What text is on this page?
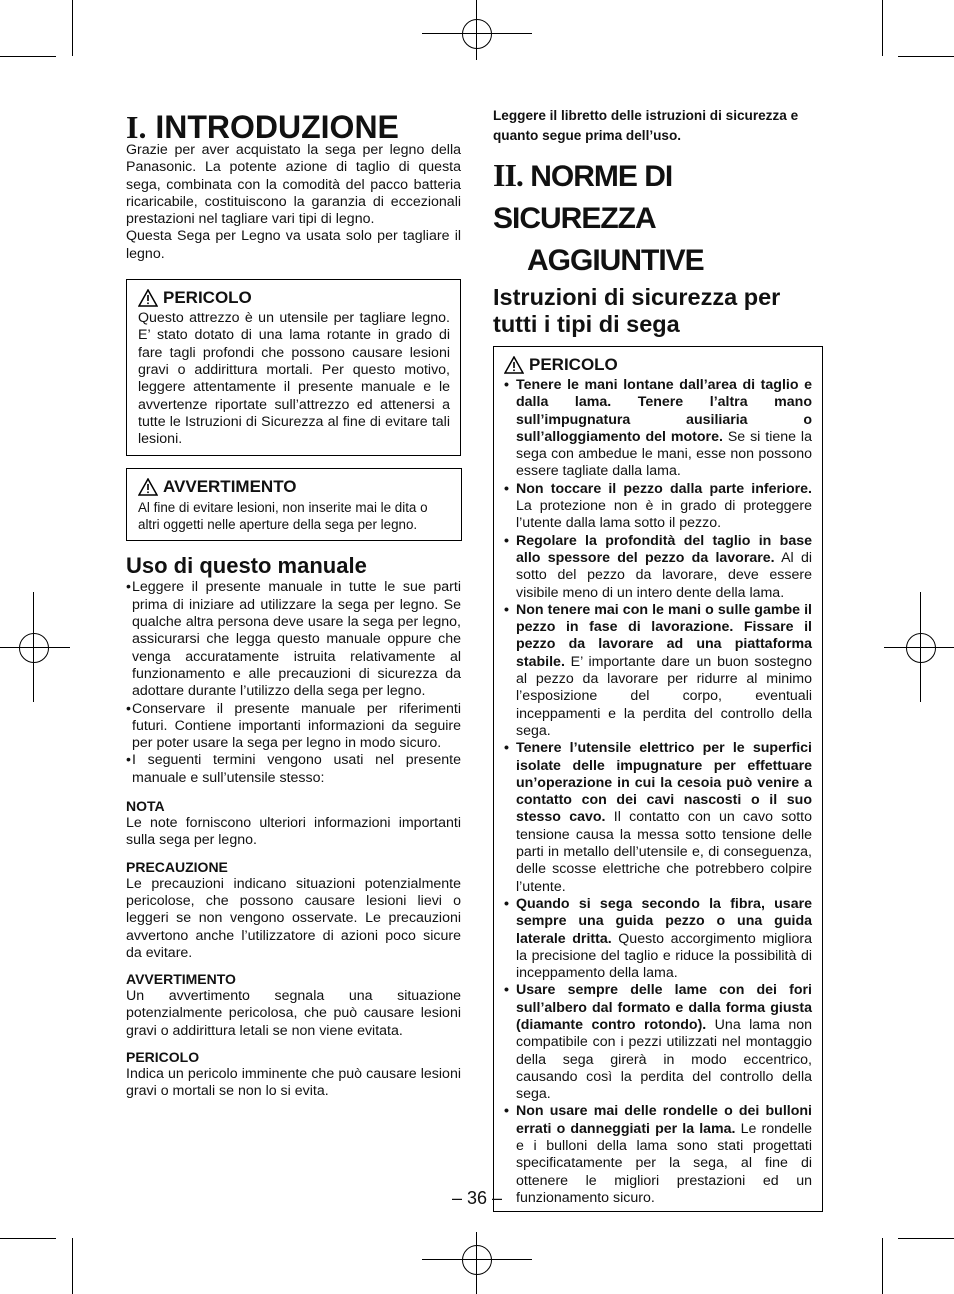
I. INTRODUZIONE

Grazie per aver acquistato la sega per legno della Panasonic. La potente azione di taglio di questa sega, combinata con la comodità del pacco batteria ricaricabile, costituiscono la garanzia di eccezionali prestazioni nel tagliare vari tipi di legno.

Questa Sega per Legno va usata solo per tagliare il legno.

PERICOLO

Questo attrezzo è un utensile per tagliare legno. E’ stato dotato di una lama rotante in grado di fare tagli profondi che possono causare lesioni gravi o addirittura mortali. Per questo motivo, leggere attentamente il presente manuale e le avvertenze riportate sull’attrezzo ed attenersi a tutte le Istruzioni di Sicurezza al fine di evitare tali lesioni.

AVVERTIMENTO

Al fine di evitare lesioni, non inserite mai le dita o altri oggetti nelle aperture della sega per legno.

Uso di questo manuale
• Leggere il presente manuale in tutte le sue parti prima di iniziare ad utilizzare la sega per legno. Se qualche altra persona deve usare la sega per legno, assicurarsi che legga questo manuale oppure che venga accuratamente istruita relativamente al funzionamento e alle precauzioni di sicurezza da adottare durante l’utilizzo della sega per legno.
• Conservare il presente manuale per riferimenti futuri. Contiene importanti informazioni da seguire per poter usare la sega per legno in modo sicuro.
• I seguenti termini vengono usati nel presente manuale e sull’utensile stesso:

NOTA

Le note forniscono ulteriori informazioni importanti sulla sega per legno.

PRECAUZIONE

Le precauzioni indicano situazioni potenzialmente pericolose, che possono causare lesioni lievi o leggeri se non vengono osservate. Le precauzioni avvertono anche l’utilizzatore di azioni poco sicure da evitare.

AVVERTIMENTO

Un avvertimento segnala una situazione potenzialmente pericolosa, che può causare lesioni gravi o addirittura letali se non viene evitata.

PERICOLO

Indica un pericolo imminente che può causare lesioni gravi o mortali se non lo si evita.

Leggere il libretto delle istruzioni di sicurezza e quanto segue prima dell’uso.

II. NORME DI SICUREZZA
AGGIUNTIVE
Istruzioni di sicurezza per tutti i tipi di sega
PERICOLO

• Tenere le mani lontane dall’area di taglio e dalla lama. Tenere l’altra mano sull’impugnatura ausiliaria o sull’alloggiamento del motore. Se si tiene la sega con ambedue le mani, esse non possono essere tagliate dalla lama.

• Non toccare il pezzo dalla parte inferiore. La protezione non è in grado di proteggere l’utente dalla lama sotto il pezzo.

• Regolare la profondità del taglio in base allo spessore del pezzo da lavorare. Al di sotto del pezzo da lavorare, deve essere visibile meno di un intero dente della lama.

• Non tenere mai con le mani o sulle gambe il pezzo in fase di lavorazione. Fissare il pezzo da lavorare ad una piattaforma stabile. E’ importante dare un buon sostegno al pezzo da lavorare per ridurre al minimo l’esposizione del corpo, eventuali inceppamenti e la perdita del controllo della sega.

• Tenere l’utensile elettrico per le superfici isolate delle impugnature per effettuare un’operazione in cui la cesoia può venire a contatto con dei cavi nascosti o il suo stesso cavo. Il contatto con un cavo sotto tensione causa la messa sotto tensione delle parti in metallo dell’utensile e, di conseguenza, delle scosse elettriche che potrebbero colpire l’utente.

• Quando si sega secondo la fibra, usare sempre una guida pezzo o una guida laterale dritta. Questo accorgimento migliora la precisione del taglio e riduce la possibilità di inceppamento della lama.

• Usare sempre delle lame con dei fori sull’albero dal formato e dalla forma giusta (diamante contro rotondo). Una lama non compatibile con i pezzi utilizzati nel montaggio della sega girerà in modo eccentrico, causando così la perdita del controllo della sega.

• Non usare mai delle rondelle o dei bulloni errati o danneggiati per la lama. Le rondelle e i bulloni della lama sono stati progettati specificatamente per la sega, al fine di ottenere le migliori prestazioni ed un funzionamento sicuro.

– 36 –
